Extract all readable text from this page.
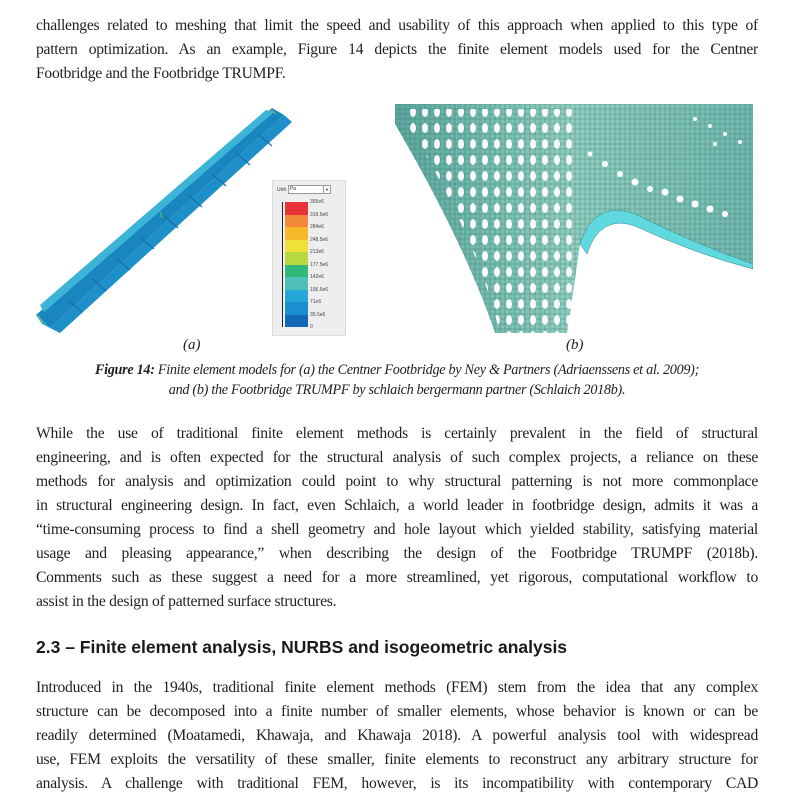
challenges related to meshing that limit the speed and usability of this approach when applied to this type of
pattern optimization. As an example, Figure 14 depicts the finite element models used for the Centner
Footbridge and the Footbridge TRUMPF.
Unit Pa	▼
355e6
319.5e6
284e6
248.5e6
213e6
177.5e6
142e6
106.5e6
71e6
35.5e6
0
(a)	(b)
Figure 14: Finite element models for (a) the Centner Footbridge by Ney & Partners (Adriaenssens et al. 2009);
and (b) the Footbridge TRUMPF by schlaich bergermann partner (Schlaich 2018b).
While the use of traditional finite element methods is certainly prevalent in the field of structural
engineering, and is often expected for the structural analysis of such complex projects, a reliance on these
methods for analysis and optimization could point to why structural patterning is not more commonplace
in structural engineering design. In fact, even Schlaich, a world leader in footbridge design, admits it was a
“time-consuming process to find a shell geometry and hole layout which yielded stability, satisfying material
usage and pleasing appearance,” when describing the design of the Footbridge TRUMPF (2018b).
Comments such as these suggest a need for a more streamlined, yet rigorous, computational workflow to
assist in the design of patterned surface structures.
2.3 – Finite element analysis, NURBS and isogeometric analysis
Introduced in the 1940s, traditional finite element methods (FEM) stem from the idea that any complex
structure can be decomposed into a finite number of smaller elements, whose behavior is known or can be
readily determined (Moatamedi, Khawaja, and Khawaja 2018). A powerful analysis tool with widespread
use, FEM exploits the versatility of these smaller, finite elements to reconstruct any arbitrary structure for
analysis. A challenge with traditional FEM, however, is its incompatibility with contemporary CAD
